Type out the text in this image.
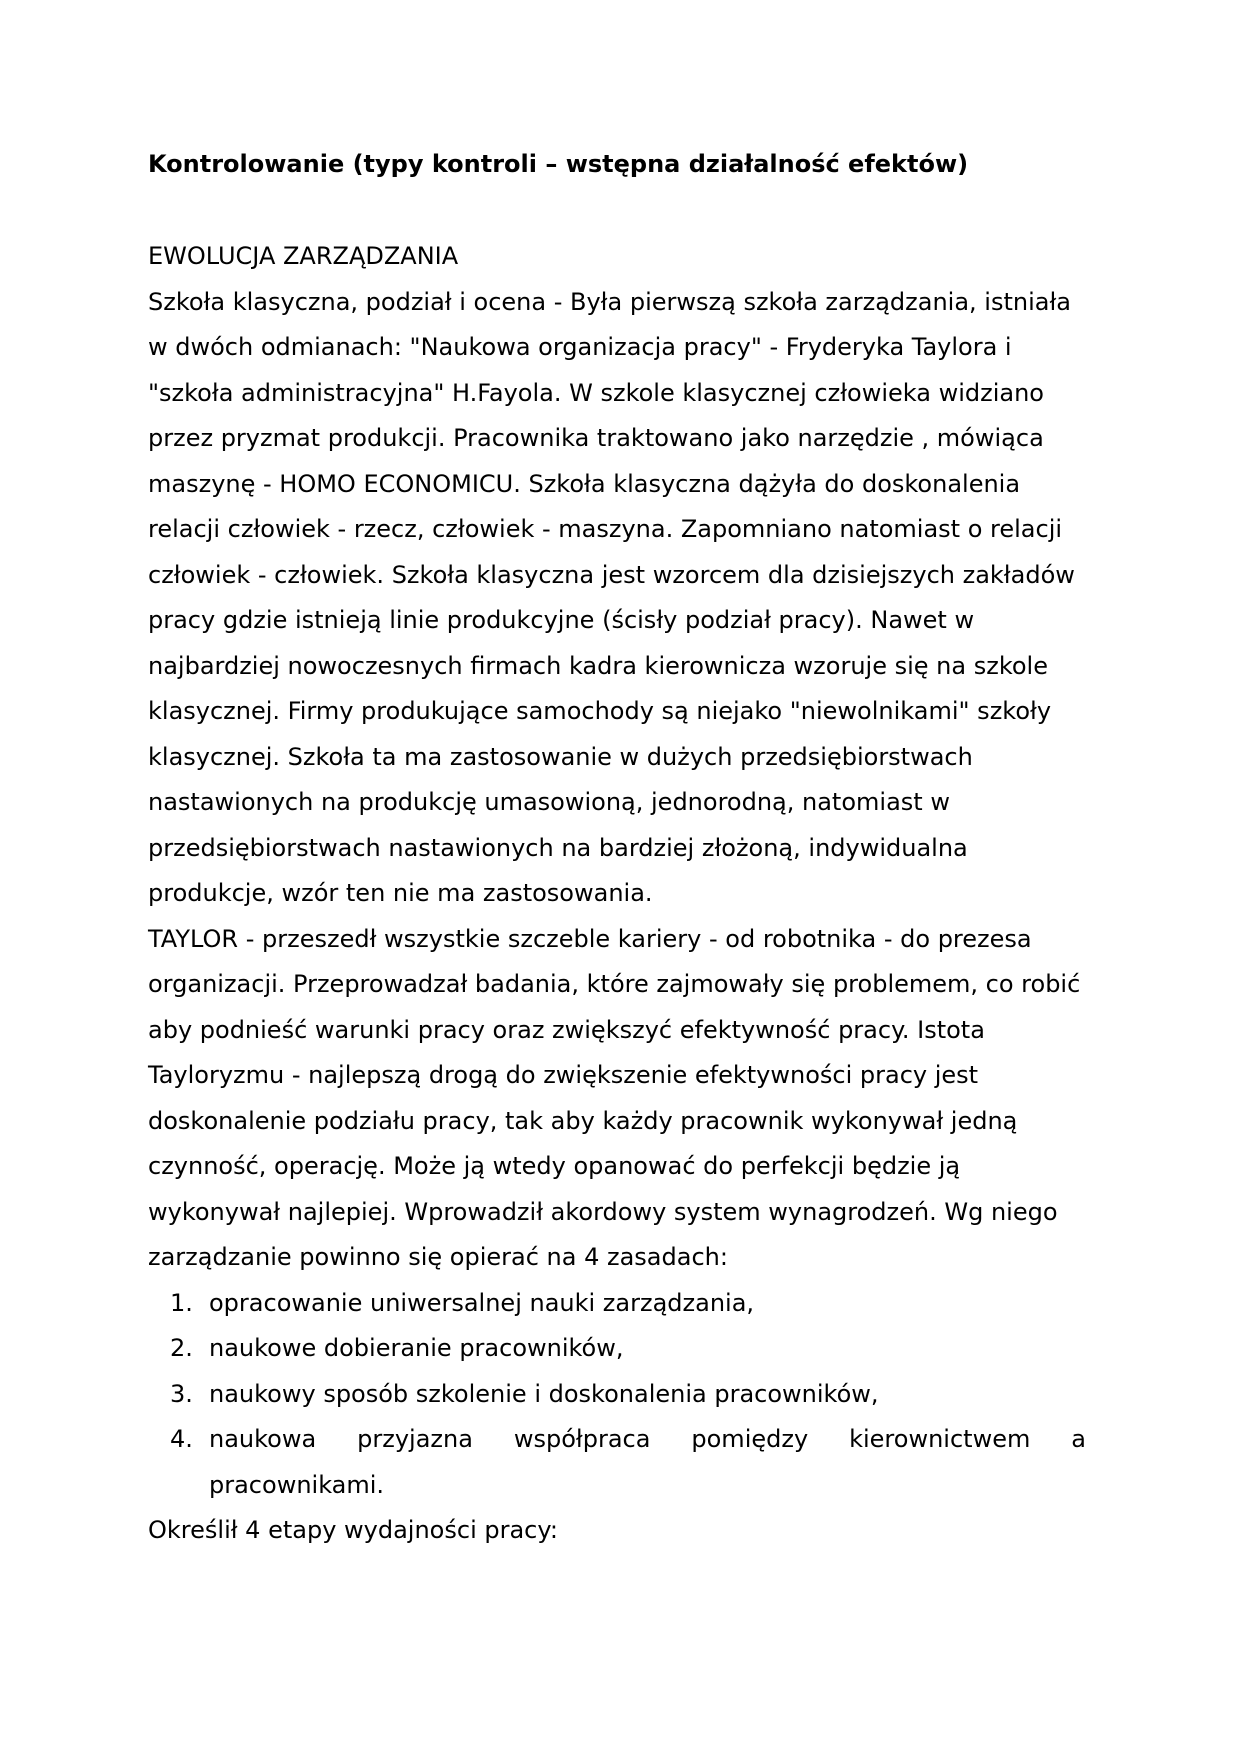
Kontrolowanie (typy kontroli – wstępna działalność efektów)

EWOLUCJA ZARZĄDZANIA

Szkoła klasyczna, podział i ocena - Była pierwszą szkoła zarządzania, istniała w dwóch odmianach: "Naukowa organizacja pracy" - Fryderyka Taylora i "szkoła administracyjna" H.Fayola. W szkole klasycznej człowieka widziano przez pryzmat produkcji. Pracownika traktowano jako narzędzie , mówiąca maszynę - HOMO ECONOMICU. Szkoła klasyczna dążyła do doskonalenia relacji człowiek - rzecz, człowiek - maszyna. Zapomniano natomiast o relacji człowiek - człowiek. Szkoła klasyczna jest wzorcem dla dzisiejszych zakładów pracy gdzie istnieją linie produkcyjne (ścisły podział pracy). Nawet w najbardziej nowoczesnych firmach kadra kierownicza wzoruje się na szkole klasycznej. Firmy produkujące samochody są niejako "niewolnikami" szkoły klasycznej. Szkoła ta ma zastosowanie w dużych przedsiębiorstwach nastawionych na produkcję umasowioną, jednorodną, natomiast w przedsiębiorstwach nastawionych na bardziej złożoną, indywidualna produkcje, wzór ten nie ma zastosowania.

TAYLOR - przeszedł wszystkie szczeble kariery - od robotnika - do prezesa organizacji. Przeprowadzał badania, które zajmowały się problemem, co robić aby podnieść warunki pracy oraz zwiększyć efektywność pracy. Istota Tayloryzmu - najlepszą drogą do zwiększenie efektywności pracy jest doskonalenie podziału pracy, tak aby każdy pracownik wykonywał jedną czynność, operację. Może ją wtedy opanować do perfekcji będzie ją wykonywał najlepiej. Wprowadził akordowy system wynagrodzeń. Wg niego zarządzanie powinno się opierać na 4 zasadach:

opracowanie uniwersalnej nauki zarządzania,
naukowe dobieranie pracowników,
naukowy sposób szkolenie i doskonalenia pracowników,
naukowa przyjazna współpraca pomiędzy kierownictwem a pracownikami.

Określił 4 etapy wydajności pracy:
